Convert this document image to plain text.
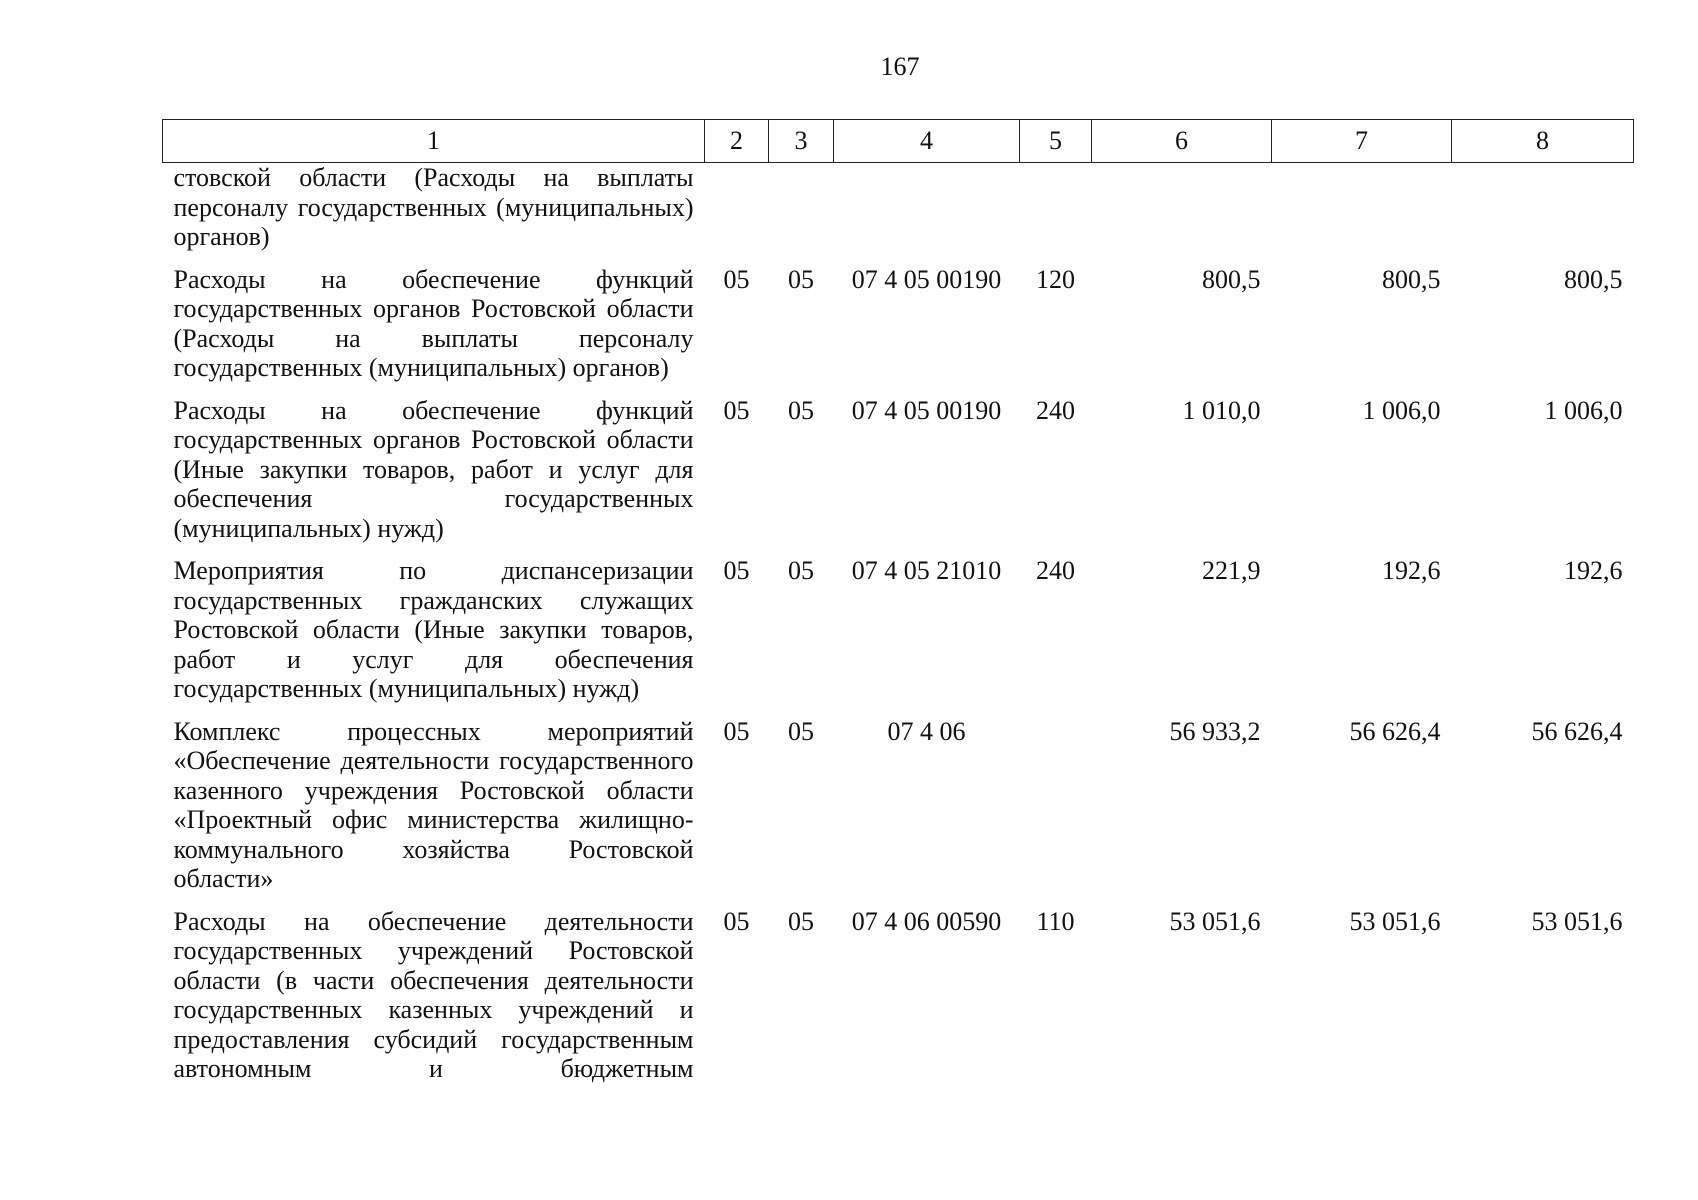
167
1	2	3	4	5	6	7	8
стовской области (Расходы на выплаты персоналу государственных (муниципальных) органов)							
Расходы на обеспечение функций государственных органов Ростовской области (Расходы на выплаты персоналу государственных (муниципальных) органов)	05	05	07 4 05 00190	120	800,5	800,5	800,5
Расходы на обеспечение функций государственных органов Ростовской области (Иные закупки товаров, работ и услуг для обеспечения государственных (муниципальных) нужд)	05	05	07 4 05 00190	240	1 010,0	1 006,0	1 006,0
Мероприятия по диспансеризации государственных гражданских служащих Ростовской области (Иные закупки товаров, работ и услуг для обеспечения государственных (муниципальных) нужд)	05	05	07 4 05 21010	240	221,9	192,6	192,6
Комплекс процессных мероприятий «Обеспечение деятельности государственного казенного учреждения Ростовской области «Проектный офис министерства жилищно-коммунального хозяйства Ростовской области»	05	05	07 4 06		56 933,2	56 626,4	56 626,4
Расходы на обеспечение деятельности государственных учреждений Ростовской области (в части обеспечения деятельности государственных казенных учреждений и предоставления субсидий государственным автономным и бюджетным	05	05	07 4 06 00590	110	53 051,6	53 051,6	53 051,6
